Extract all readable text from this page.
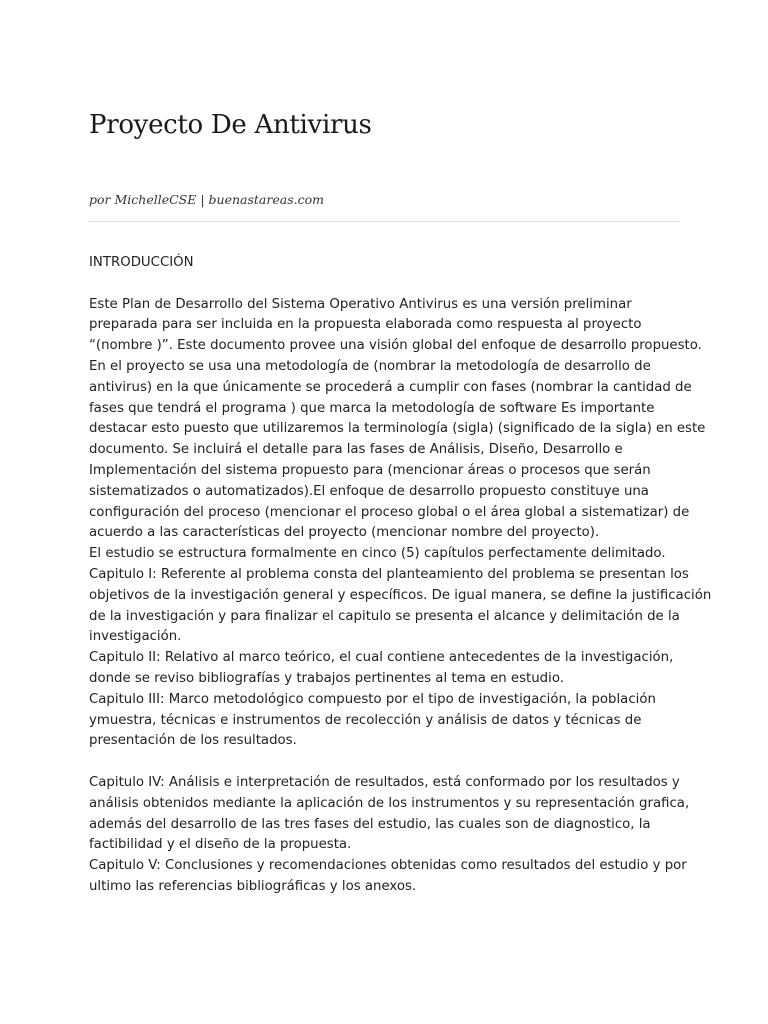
Proyecto De Antivirus
por MichelleCSE | buenastareas.com
INTRODUCCIÓN
Este Plan de Desarrollo del Sistema Operativo Antivirus es una versión preliminar
preparada para ser incluida en la propuesta elaborada como respuesta al proyecto
“(nombre )”. Este documento provee una visión global del enfoque de desarrollo propuesto.
En el proyecto se usa una metodología de (nombrar la metodología de desarrollo de
antivirus) en la que únicamente se procederá a cumplir con fases (nombrar la cantidad de
fases que tendrá el programa ) que marca la metodología de software Es importante
destacar esto puesto que utilizaremos la terminología (sigla) (significado de la sigla) en este
documento. Se incluirá el detalle para las fases de Análisis, Diseño, Desarrollo e
Implementación del sistema propuesto para (mencionar áreas o procesos que serán
sistematizados o automatizados).El enfoque de desarrollo propuesto constituye una
configuración del proceso (mencionar el proceso global o el área global a sistematizar) de
acuerdo a las características del proyecto (mencionar nombre del proyecto).
El estudio se estructura formalmente en cinco (5) capítulos perfectamente delimitado.
Capitulo I: Referente al problema consta del planteamiento del problema se presentan los
objetivos de la investigación general y específicos. De igual manera, se define la justificación
de la investigación y para finalizar el capitulo se presenta el alcance y delimitación de la
investigación.
Capitulo II: Relativo al marco teórico, el cual contiene antecedentes de la investigación,
donde se reviso bibliografías y trabajos pertinentes al tema en estudio.
Capitulo III: Marco metodológico compuesto por el tipo de investigación, la población
ymuestra, técnicas e instrumentos de recolección y análisis de datos y técnicas de
presentación de los resultados.
Capitulo IV: Análisis e interpretación de resultados, está conformado por los resultados y
análisis obtenidos mediante la aplicación de los instrumentos y su representación grafica,
además del desarrollo de las tres fases del estudio, las cuales son de diagnostico, la
factibilidad y el diseño de la propuesta.
Capitulo V: Conclusiones y recomendaciones obtenidas como resultados del estudio y por
ultimo las referencias bibliográficas y los anexos.
